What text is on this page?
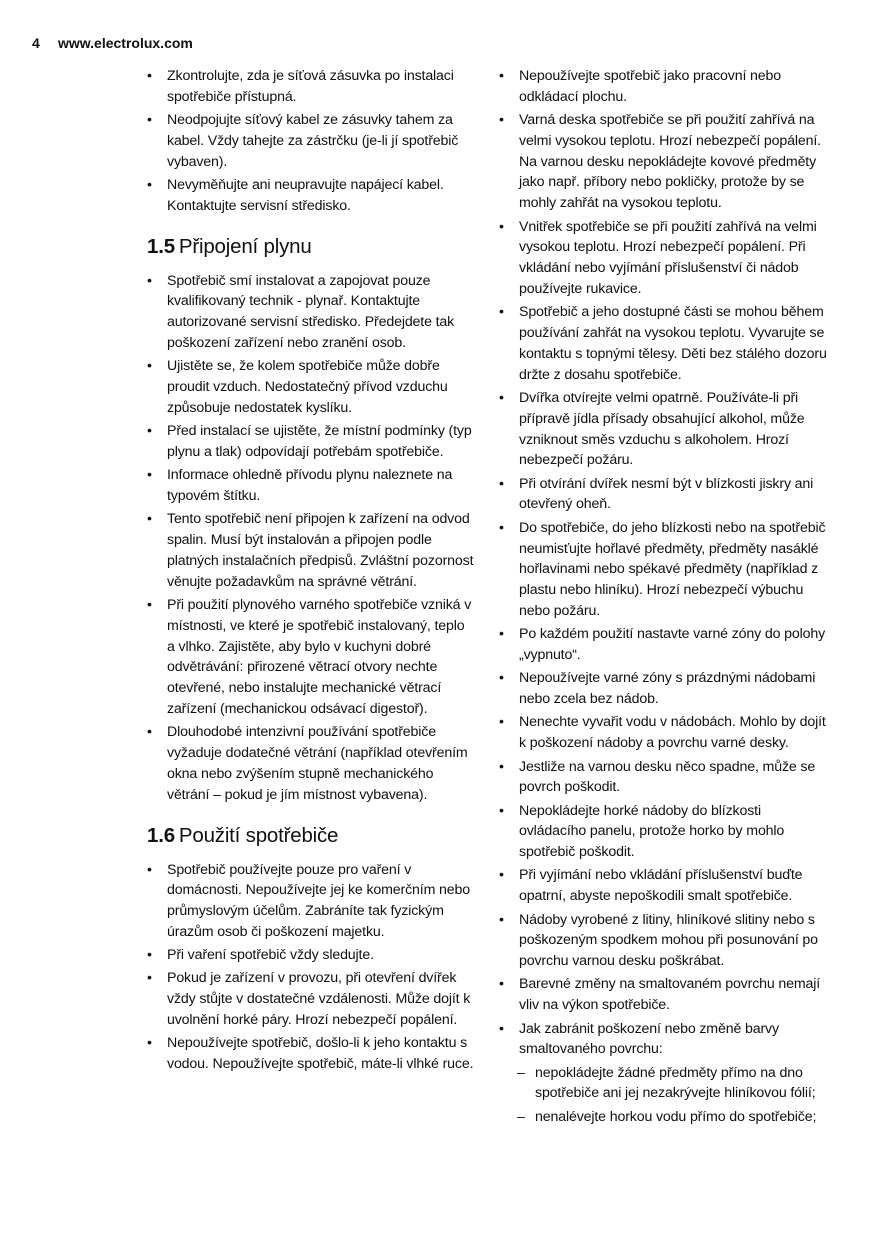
4 www.electrolux.com
• Zkontrolujte, zda je síťová zásuvka po instalaci spotřebiče přístupná.
• Neodpojujte síťový kabel ze zásuvky tahem za kabel. Vždy tahejte za zástrčku (je-li jí spotřebič vybaven).
• Nevyměňujte ani neupravujte napájecí kabel. Kontaktujte servisní středisko.
1.5 Připojení plynu
• Spotřebič smí instalovat a zapojovat pouze kvalifikovaný technik - plynař. Kontaktujte autorizované servisní středisko. Předejdete tak poškození zařízení nebo zranění osob.
• Ujistěte se, že kolem spotřebiče může dobře proudit vzduch. Nedostatečný přívod vzduchu způsobuje nedostatek kyslíku.
• Před instalací se ujistěte, že místní podmínky (typ plynu a tlak) odpovídají potřebám spotřebiče.
• Informace ohledně přívodu plynu naleznete na typovém štítku.
• Tento spotřebič není připojen k zařízení na odvod spalin. Musí být instalován a připojen podle platných instalačních předpisů. Zvláštní pozornost věnujte požadavkům na správné větrání.
• Při použití plynového varného spotřebiče vzniká v místnosti, ve které je spotřebič instalovaný, teplo a vlhko. Zajistěte, aby bylo v kuchyni dobré odvětrávání: přirozené větrací otvory nechte otevřené, nebo instalujte mechanické větrací zařízení (mechanickou odsávací digestoř).
• Dlouhodobé intenzivní používání spotřebiče vyžaduje dodatečné větrání (například otevřením okna nebo zvýšením stupně mechanického větrání – pokud je jím místnost vybavena).
1.6 Použití spotřebiče
• Spotřebič používejte pouze pro vaření v domácnosti. Nepoužívejte jej ke komerčním nebo průmyslovým účelům. Zabráníte tak fyzickým úrazům osob či poškození majetku.
• Při vaření spotřebič vždy sledujte.
• Pokud je zařízení v provozu, při otevření dvířek vždy stůjte v dostatečné vzdálenosti. Může dojít k uvolnění horké páry. Hrozí nebezpečí popálení.
• Nepoužívejte spotřebič, došlo-li k jeho kontaktu s vodou. Nepoužívejte spotřebič, máte-li vlhké ruce.
• Nepoužívejte spotřebič jako pracovní nebo odkládací plochu.
• Varná deska spotřebiče se při použití zahřívá na velmi vysokou teplotu. Hrozí nebezpečí popálení. Na varnou desku nepokládejte kovové předměty jako např. příbory nebo pokličky, protože by se mohly zahřát na vysokou teplotu.
• Vnitřek spotřebiče se při použití zahřívá na velmi vysokou teplotu. Hrozí nebezpečí popálení. Při vkládání nebo vyjímání příslušenství či nádob používejte rukavice.
• Spotřebič a jeho dostupné části se mohou během používání zahřát na vysokou teplotu. Vyvarujte se kontaktu s topnými tělesy. Děti bez stálého dozoru držte z dosahu spotřebiče.
• Dvířka otvírejte velmi opatrně. Používáte-li při přípravě jídla přísady obsahující alkohol, může vzniknout směs vzduchu s alkoholem. Hrozí nebezpečí požáru.
• Při otvírání dvířek nesmí být v blízkosti jiskry ani otevřený oheň.
• Do spotřebiče, do jeho blízkosti nebo na spotřebič neumisťujte hořlavé předměty, předměty nasáklé hořlavinami nebo spékavé předměty (například z plastu nebo hliníku). Hrozí nebezpečí výbuchu nebo požáru.
• Po každém použití nastavte varné zóny do polohy „vypnuto“.
• Nepoužívejte varné zóny s prázdnými nádobami nebo zcela bez nádob.
• Nenechte vyvařit vodu v nádobách. Mohlo by dojít k poškození nádoby a povrchu varné desky.
• Jestliže na varnou desku něco spadne, může se povrch poškodit.
• Nepokládejte horké nádoby do blízkosti ovládacího panelu, protože horko by mohlo spotřebič poškodit.
• Při vyjímání nebo vkládání příslušenství buďte opatrní, abyste nepoškodili smalt spotřebiče.
• Nádoby vyrobené z litiny, hliníkové slitiny nebo s poškozeným spodkem mohou při posunování po povrchu varnou desku poškrábat.
• Barevné změny na smaltovaném povrchu nemají vliv na výkon spotřebiče.
• Jak zabránit poškození nebo změně barvy smaltovaného povrchu:
– nepokládejte žádné předměty přímo na dno spotřebiče ani jej nezakrývejte hliníkovou fólií;
– nenalévejte horkou vodu přímo do spotřebiče;
